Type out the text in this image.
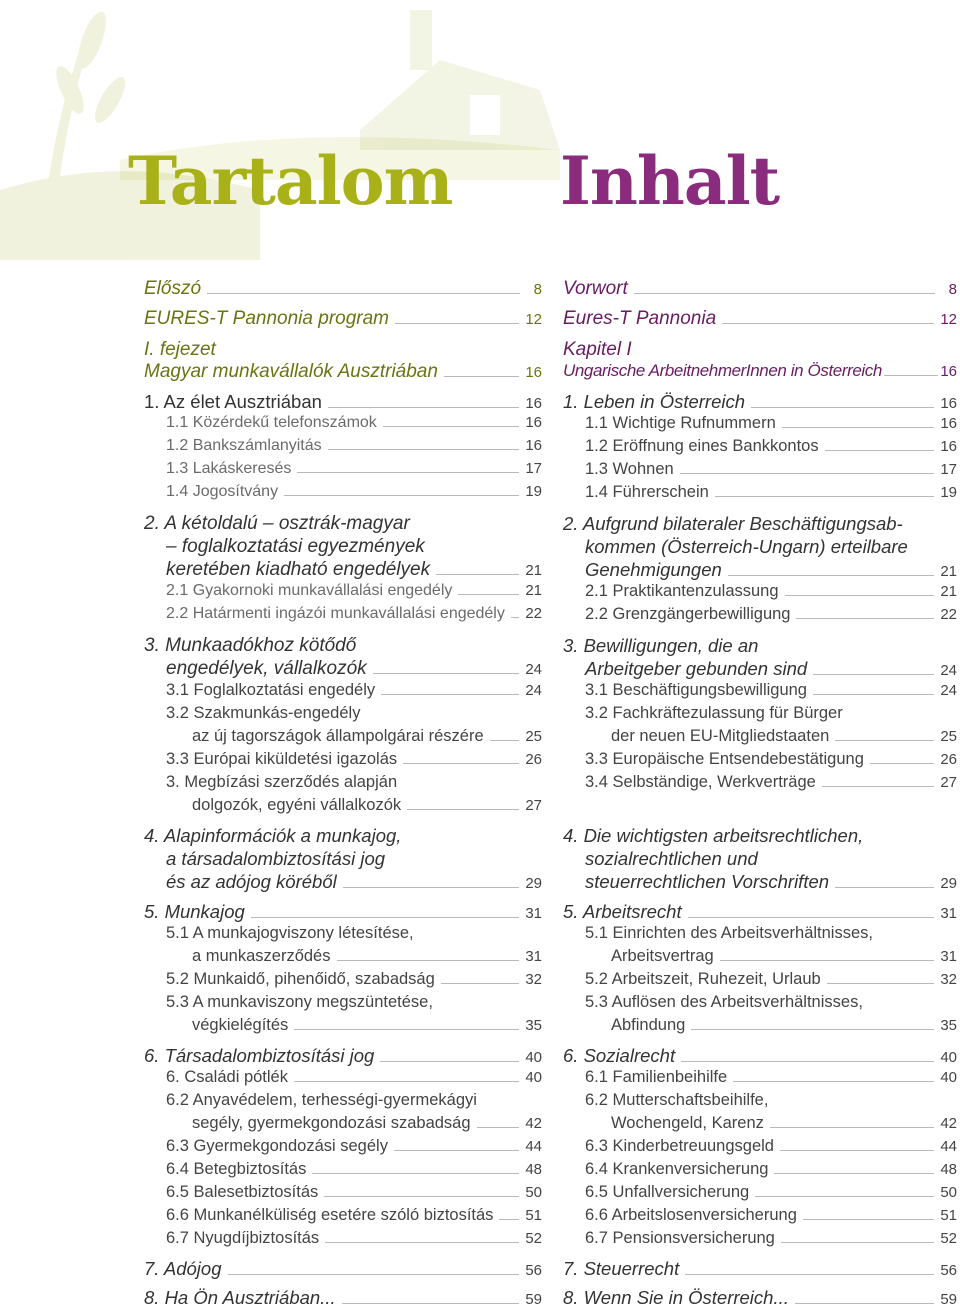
Tartalom Inhalt
Előszó	8
EURES-T Pannonia program	12
I. fejezet
Magyar munkavállalók Ausztriában	16
1. Az élet Ausztriában	16
1.1 Közérdekű telefonszámok	16
1.2 Bankszámlanyitás	16
1.3 Lakáskeresés	17
1.4 Jogosítvány	19
2. A kétoldalú – osztrák-magyar
– foglalkoztatási egyezmények
keretében kiadható engedélyek	21
2.1 Gyakornoki munkavállalási engedély	21
2.2 Határmenti ingázói munkavállalási engedély 22
3. Munkaadókhoz kötődő
engedélyek, vállalkozók	24
3.1 Foglalkoztatási engedély	24
3.2 Szakmunkás-engedély
az új tagországok állampolgárai részére	25
3.3 Európai kiküldetési igazolás	26
3. Megbízási szerződés alapján
dolgozók, egyéni vállalkozók	27
4. Alapinformációk a munkajog,
a társadalombiztosítási jog
és az adójog köréből	29
5. Munkajog	31
5.1 A munkajogviszony létesítése,
a munkaszerződés	31
5.2 Munkaidő, pihenőidő, szabadság	32
5.3 A munkaviszony megszüntetése,
végkielégítés	35
6. Társadalombiztosítási jog	40
6. Családi pótlék	40
6.2 Anyavédelem, terhességi-gyermekágyi
segély, gyermekgondozási szabadság	42
6.3 Gyermekgondozási segély	44
6.4 Betegbiztosítás	48
6.5 Balesetbiztosítás	50
6.6 Munkanélküliség esetére szóló biztosítás 51
6.7 Nyugdíjbiztosítás	52
7. Adójog	56
8. Ha Ön Ausztriában...	59
Vorwort	8
Eures-T Pannonia	12
Kapitel I
Ungarische ArbeitnehmerInnen in Österreich	16
1. Leben in Österreich	16
1.1 Wichtige Rufnummern	16
1.2 Eröffnung eines Bankkontos	16
1.3 Wohnen	17
1.4 Führerschein	19
2. Aufgrund bilateraler Beschäftigungsab-
kommen (Österreich-Ungarn) erteilbare
Genehmigungen	21
2.1 Praktikantenzulassung	21
2.2 Grenzgängerbewilligung	22
3. Bewilligungen, die an
Arbeitgeber gebunden sind	24
3.1 Beschäftigungsbewilligung	24
3.2 Fachkräftezulassung für Bürger
der neuen EU-Mitgliedstaaten	25
3.3 Europäische Entsendebestätigung	26
3.4 Selbständige, Werkverträge	27
4. Die wichtigsten arbeitsrechtlichen,
sozialrechtlichen und
steuerrechtlichen Vorschriften	29
5. Arbeitsrecht	31
5.1 Einrichten des Arbeitsverhältnisses,
Arbeitsvertrag	31
5.2 Arbeitszeit, Ruhezeit, Urlaub	32
5.3 Auflösen des Arbeitsverhältnisses,
Abfindung	35
6. Sozialrecht	40
6.1 Familienbeihilfe	40
6.2 Mutterschaftsbeihilfe,
Wochengeld, Karenz	42
6.3 Kinderbetreuungsgeld	44
6.4 Krankenversicherung	48
6.5 Unfallversicherung	50
6.6 Arbeitslosenversicherung	51
6.7 Pensionsversicherung	52
7. Steuerrecht	56
8. Wenn Sie in Österreich...	59
